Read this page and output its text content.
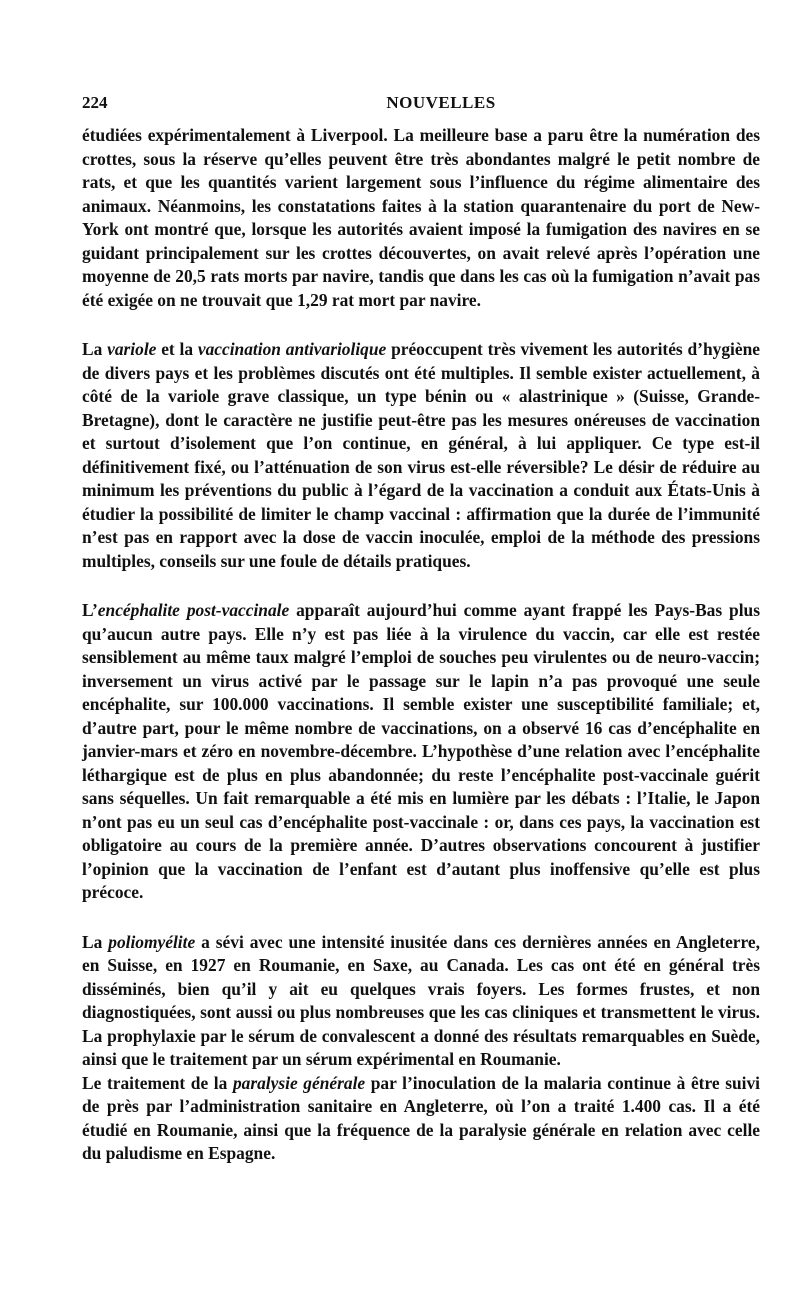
224	NOUVELLES

étudiées expérimentalement à Liverpool. La meilleure base a paru être la numération des crottes, sous la réserve qu’elles peuvent être très abondantes malgré le petit nombre de rats, et que les quantités varient largement sous l’influence du régime alimentaire des animaux. Néanmoins, les constatations faites à la station quarantenaire du port de New-York ont montré que, lorsque les autorités avaient imposé la fumigation des navires en se guidant principalement sur les crottes découvertes, on avait relevé après l’opération une moyenne de 20,5 rats morts par navire, tandis que dans les cas où la fumigation n’avait pas été exigée on ne trouvait que 1,29 rat mort par navire.

La variole et la vaccination antivariolique préoccupent très vivement les autorités d’hygiène de divers pays et les problèmes discutés ont été multiples. Il semble exister actuellement, à côté de la variole grave classique, un type bénin ou « alastrinique » (Suisse, Grande-Bretagne), dont le caractère ne justifie peut-être pas les mesures onéreuses de vaccination et surtout d’isolement que l’on continue, en général, à lui appliquer. Ce type est-il définitivement fixé, ou l’atténuation de son virus est-elle réversible? Le désir de réduire au minimum les préventions du public à l’égard de la vaccination a conduit aux États-Unis à étudier la possibilité de limiter le champ vaccinal : affirmation que la durée de l’immunité n’est pas en rapport avec la dose de vaccin inoculée, emploi de la méthode des pressions multiples, conseils sur une foule de détails pratiques.

L’encéphalite post-vaccinale apparaît aujourd’hui comme ayant frappé les Pays-Bas plus qu’aucun autre pays. Elle n’y est pas liée à la virulence du vaccin, car elle est restée sensiblement au même taux malgré l’emploi de souches peu virulentes ou de neuro-vaccin; inversement un virus activé par le passage sur le lapin n’a pas provoqué une seule encéphalite, sur 100.000 vaccinations. Il semble exister une susceptibilité familiale; et, d’autre part, pour le même nombre de vaccinations, on a observé 16 cas d’encéphalite en janvier-mars et zéro en novembre-décembre. L’hypothèse d’une relation avec l’encéphalite léthargique est de plus en plus abandonnée; du reste l’encéphalite post-vaccinale guérit sans séquelles. Un fait remarquable a été mis en lumière par les débats : l’Italie, le Japon n’ont pas eu un seul cas d’encéphalite post-vaccinale : or, dans ces pays, la vaccination est obligatoire au cours de la première année. D’autres observations concourent à justifier l’opinion que la vaccination de l’enfant est d’autant plus inoffensive qu’elle est plus précoce.

La poliomyélite a sévi avec une intensité inusitée dans ces dernières années en Angleterre, en Suisse, en 1927 en Roumanie, en Saxe, au Canada. Les cas ont été en général très disséminés, bien qu’il y ait eu quelques vrais foyers. Les formes frustes, et non diagnostiquées, sont aussi ou plus nombreuses que les cas cliniques et transmettent le virus. La prophylaxie par le sérum de convalescent a donné des résultats remarquables en Suède, ainsi que le traitement par un sérum expérimental en Roumanie.

Le traitement de la paralysie générale par l’inoculation de la malaria continue à être suivi de près par l’administration sanitaire en Angleterre, où l’on a traité 1.400 cas. Il a été étudié en Roumanie, ainsi que la fréquence de la paralysie générale en relation avec celle du paludisme en Espagne.
